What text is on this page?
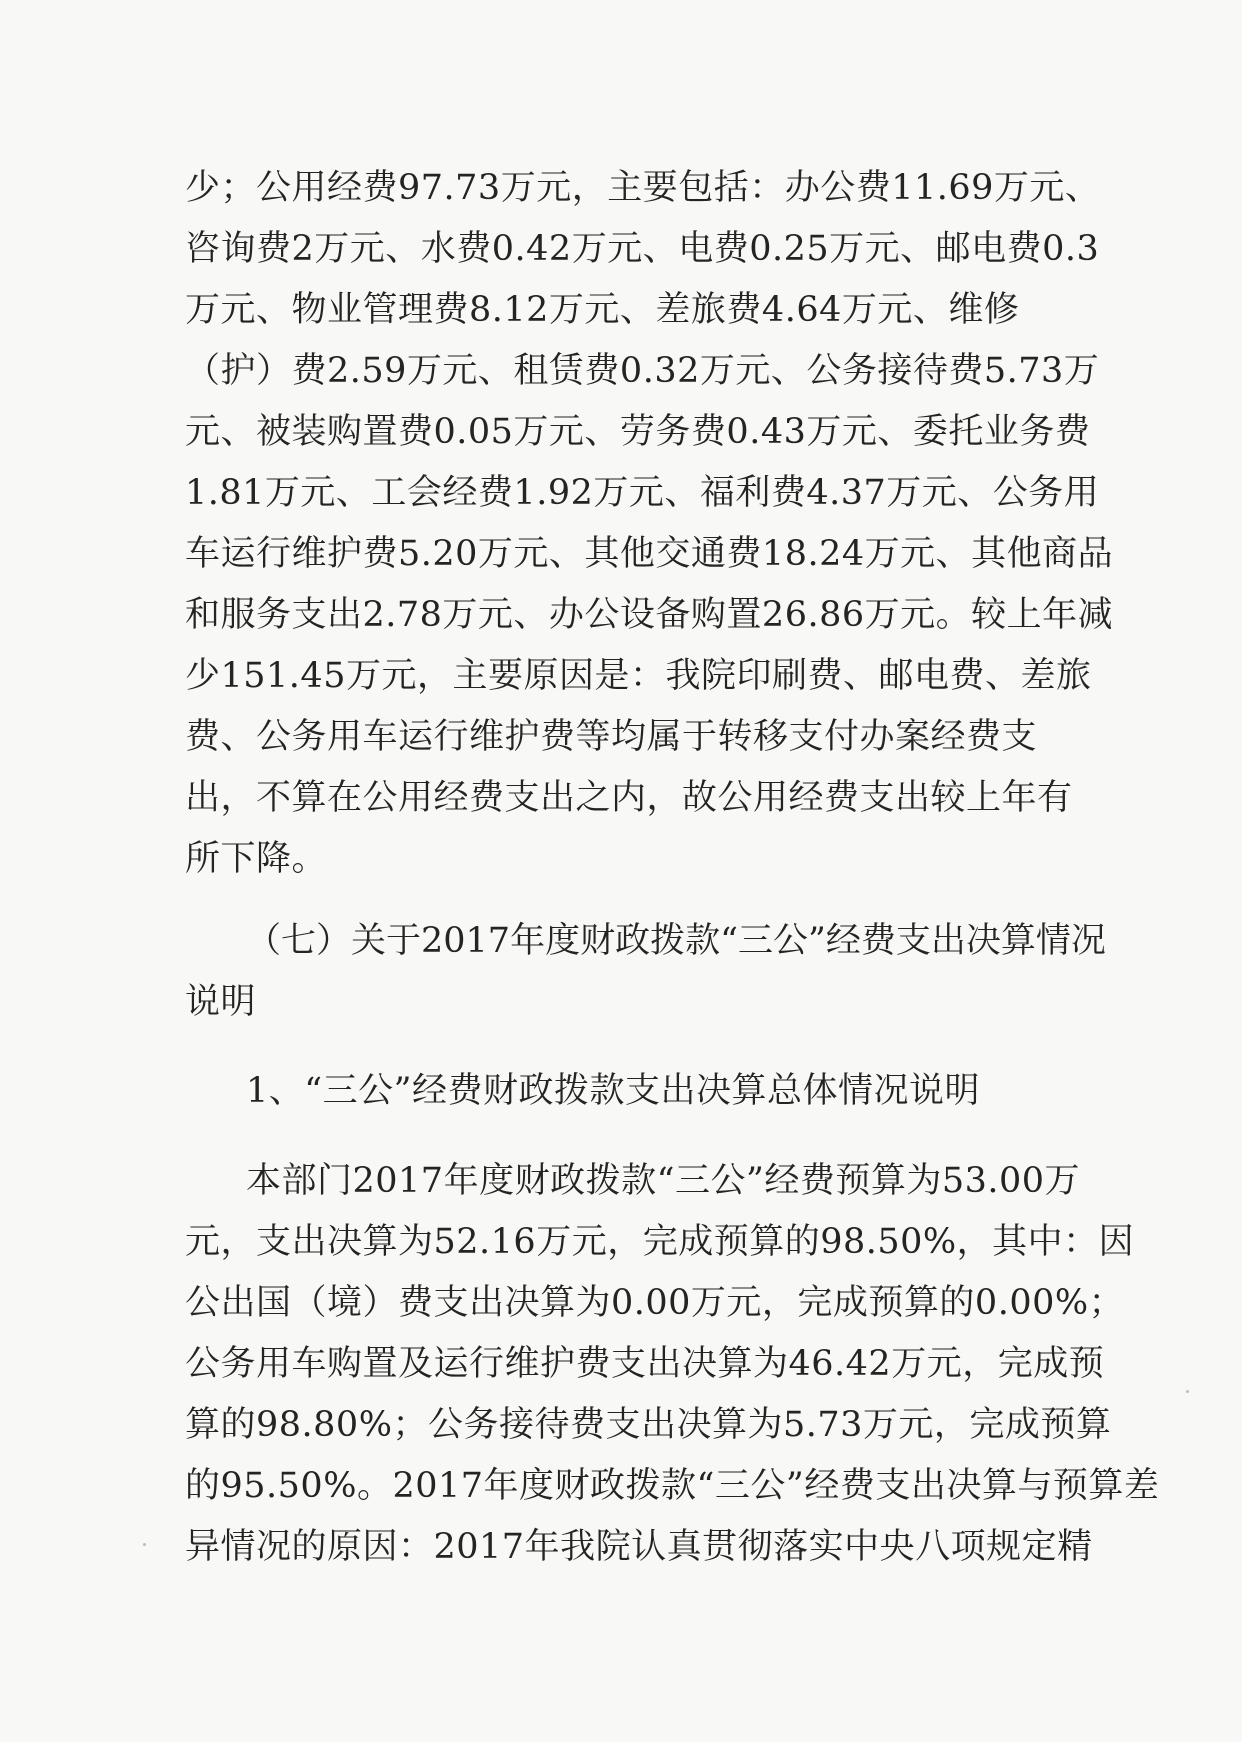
少；公用经费97.73万元，主要包括：办公费11.69万元、
咨询费2万元、水费0.42万元、电费0.25万元、邮电费0.3
万元、物业管理费8.12万元、差旅费4.64万元、维修
（护）费2.59万元、租赁费0.32万元、公务接待费5.73万
元、被装购置费0.05万元、劳务费0.43万元、委托业务费
1.81万元、工会经费1.92万元、福利费4.37万元、公务用
车运行维护费5.20万元、其他交通费18.24万元、其他商品
和服务支出2.78万元、办公设备购置26.86万元。较上年减
少151.45万元，主要原因是：我院印刷费、邮电费、差旅
费、公务用车运行维护费等均属于转移支付办案经费支
出，不算在公用经费支出之内，故公用经费支出较上年有
所下降。
（七）关于2017年度财政拨款“三公”经费支出决算情况
说明
1、“三公”经费财政拨款支出决算总体情况说明
本部门2017年度财政拨款“三公”经费预算为53.00万
元，支出决算为52.16万元，完成预算的98.50%，其中：因
公出国（境）费支出决算为0.00万元，完成预算的0.00%；
公务用车购置及运行维护费支出决算为46.42万元，完成预
算的98.80%；公务接待费支出决算为5.73万元，完成预算
的95.50%。2017年度财政拨款“三公”经费支出决算与预算差
异情况的原因：2017年我院认真贯彻落实中央八项规定精
